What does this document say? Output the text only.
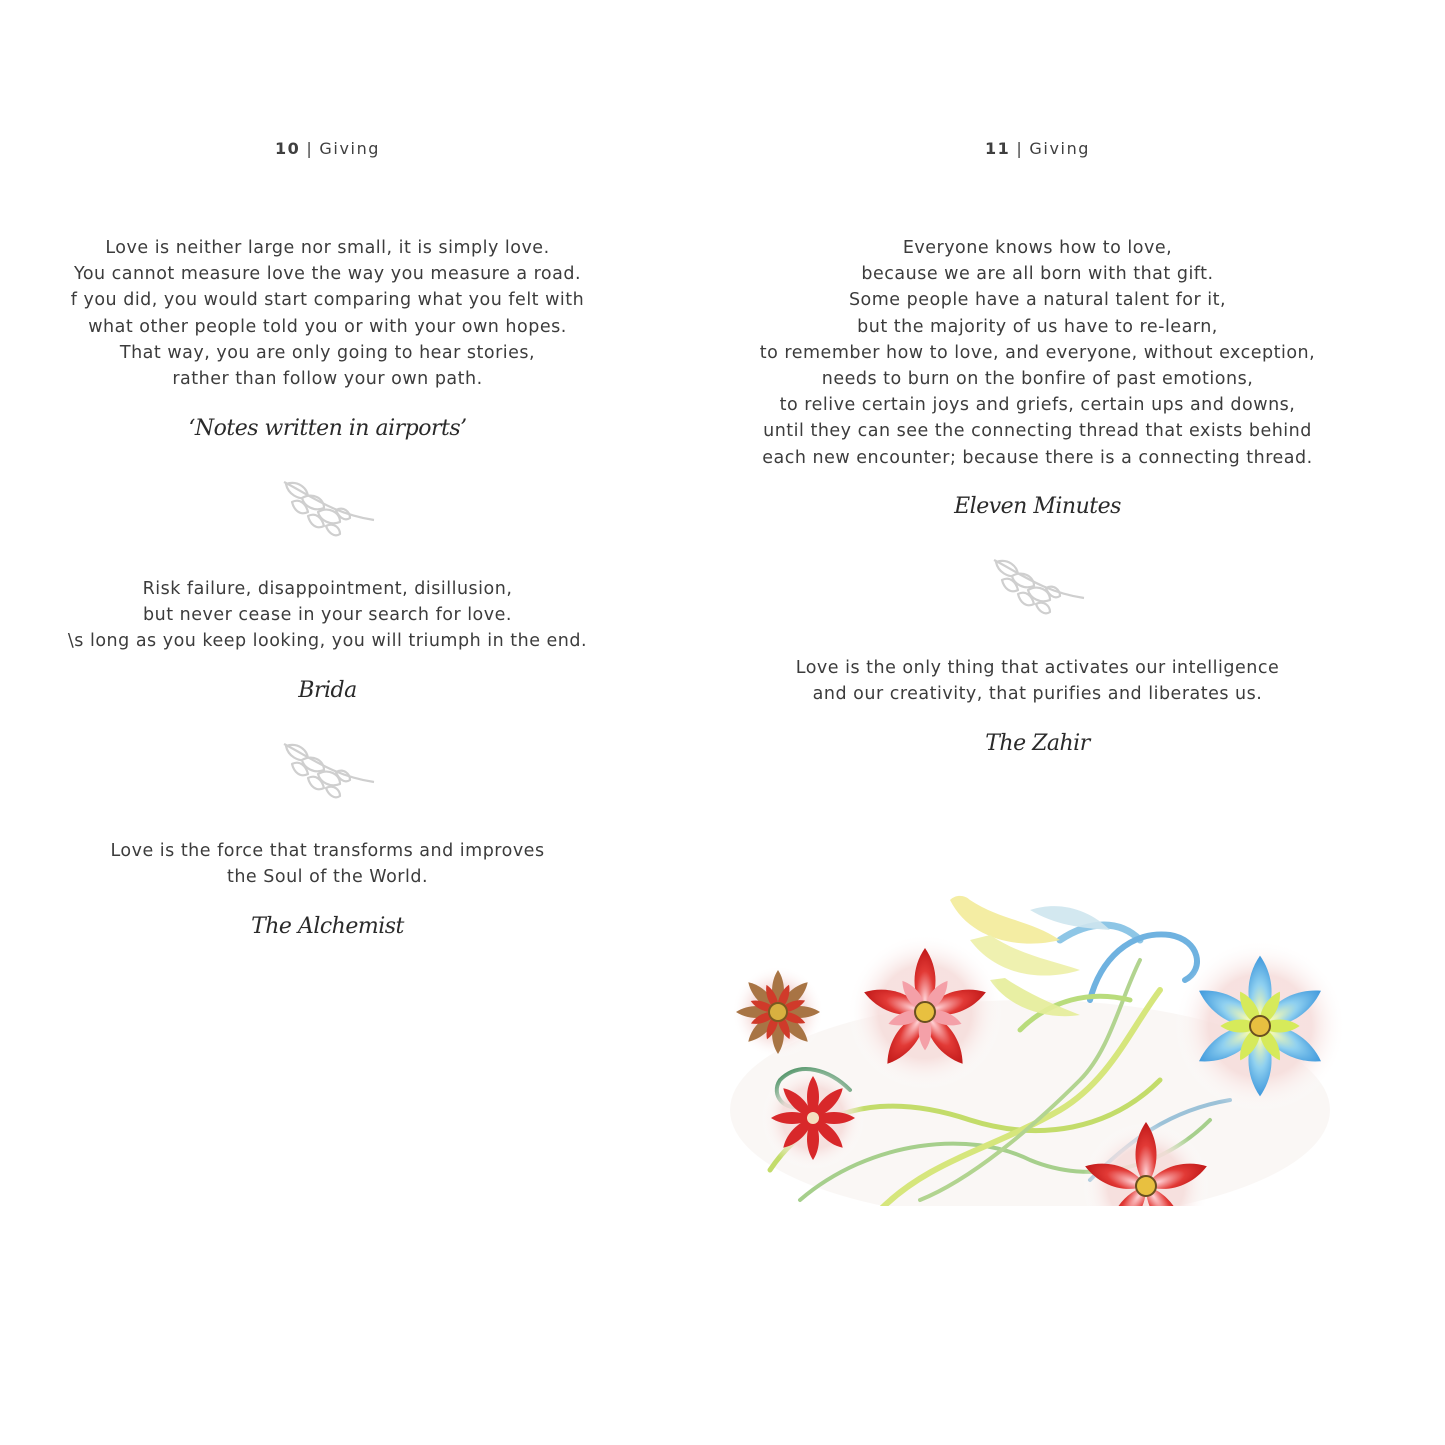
10 | Giving
Love is neither large nor small, it is simply love.
You cannot measure love the way you measure a road.
f you did, you would start comparing what you felt with
what other people told you or with your own hopes.
That way, you are only going to hear stories,
rather than follow your own path.
‘Notes written in airports’
Risk failure, disappointment, disillusion,
but never cease in your search for love.
\s long as you keep looking, you will triumph in the end.
Brida
Love is the force that transforms and improves
the Soul of the World.
The Alchemist
11 | Giving
Everyone knows how to love,
because we are all born with that gift.
Some people have a natural talent for it,
but the majority of us have to re-learn,
to remember how to love, and everyone, without exception,
needs to burn on the bonfire of past emotions,
to relive certain joys and griefs, certain ups and downs,
until they can see the connecting thread that exists behind
each new encounter; because there is a connecting thread.
Eleven Minutes
Love is the only thing that activates our intelligence
and our creativity, that purifies and liberates us.
The Zahir
